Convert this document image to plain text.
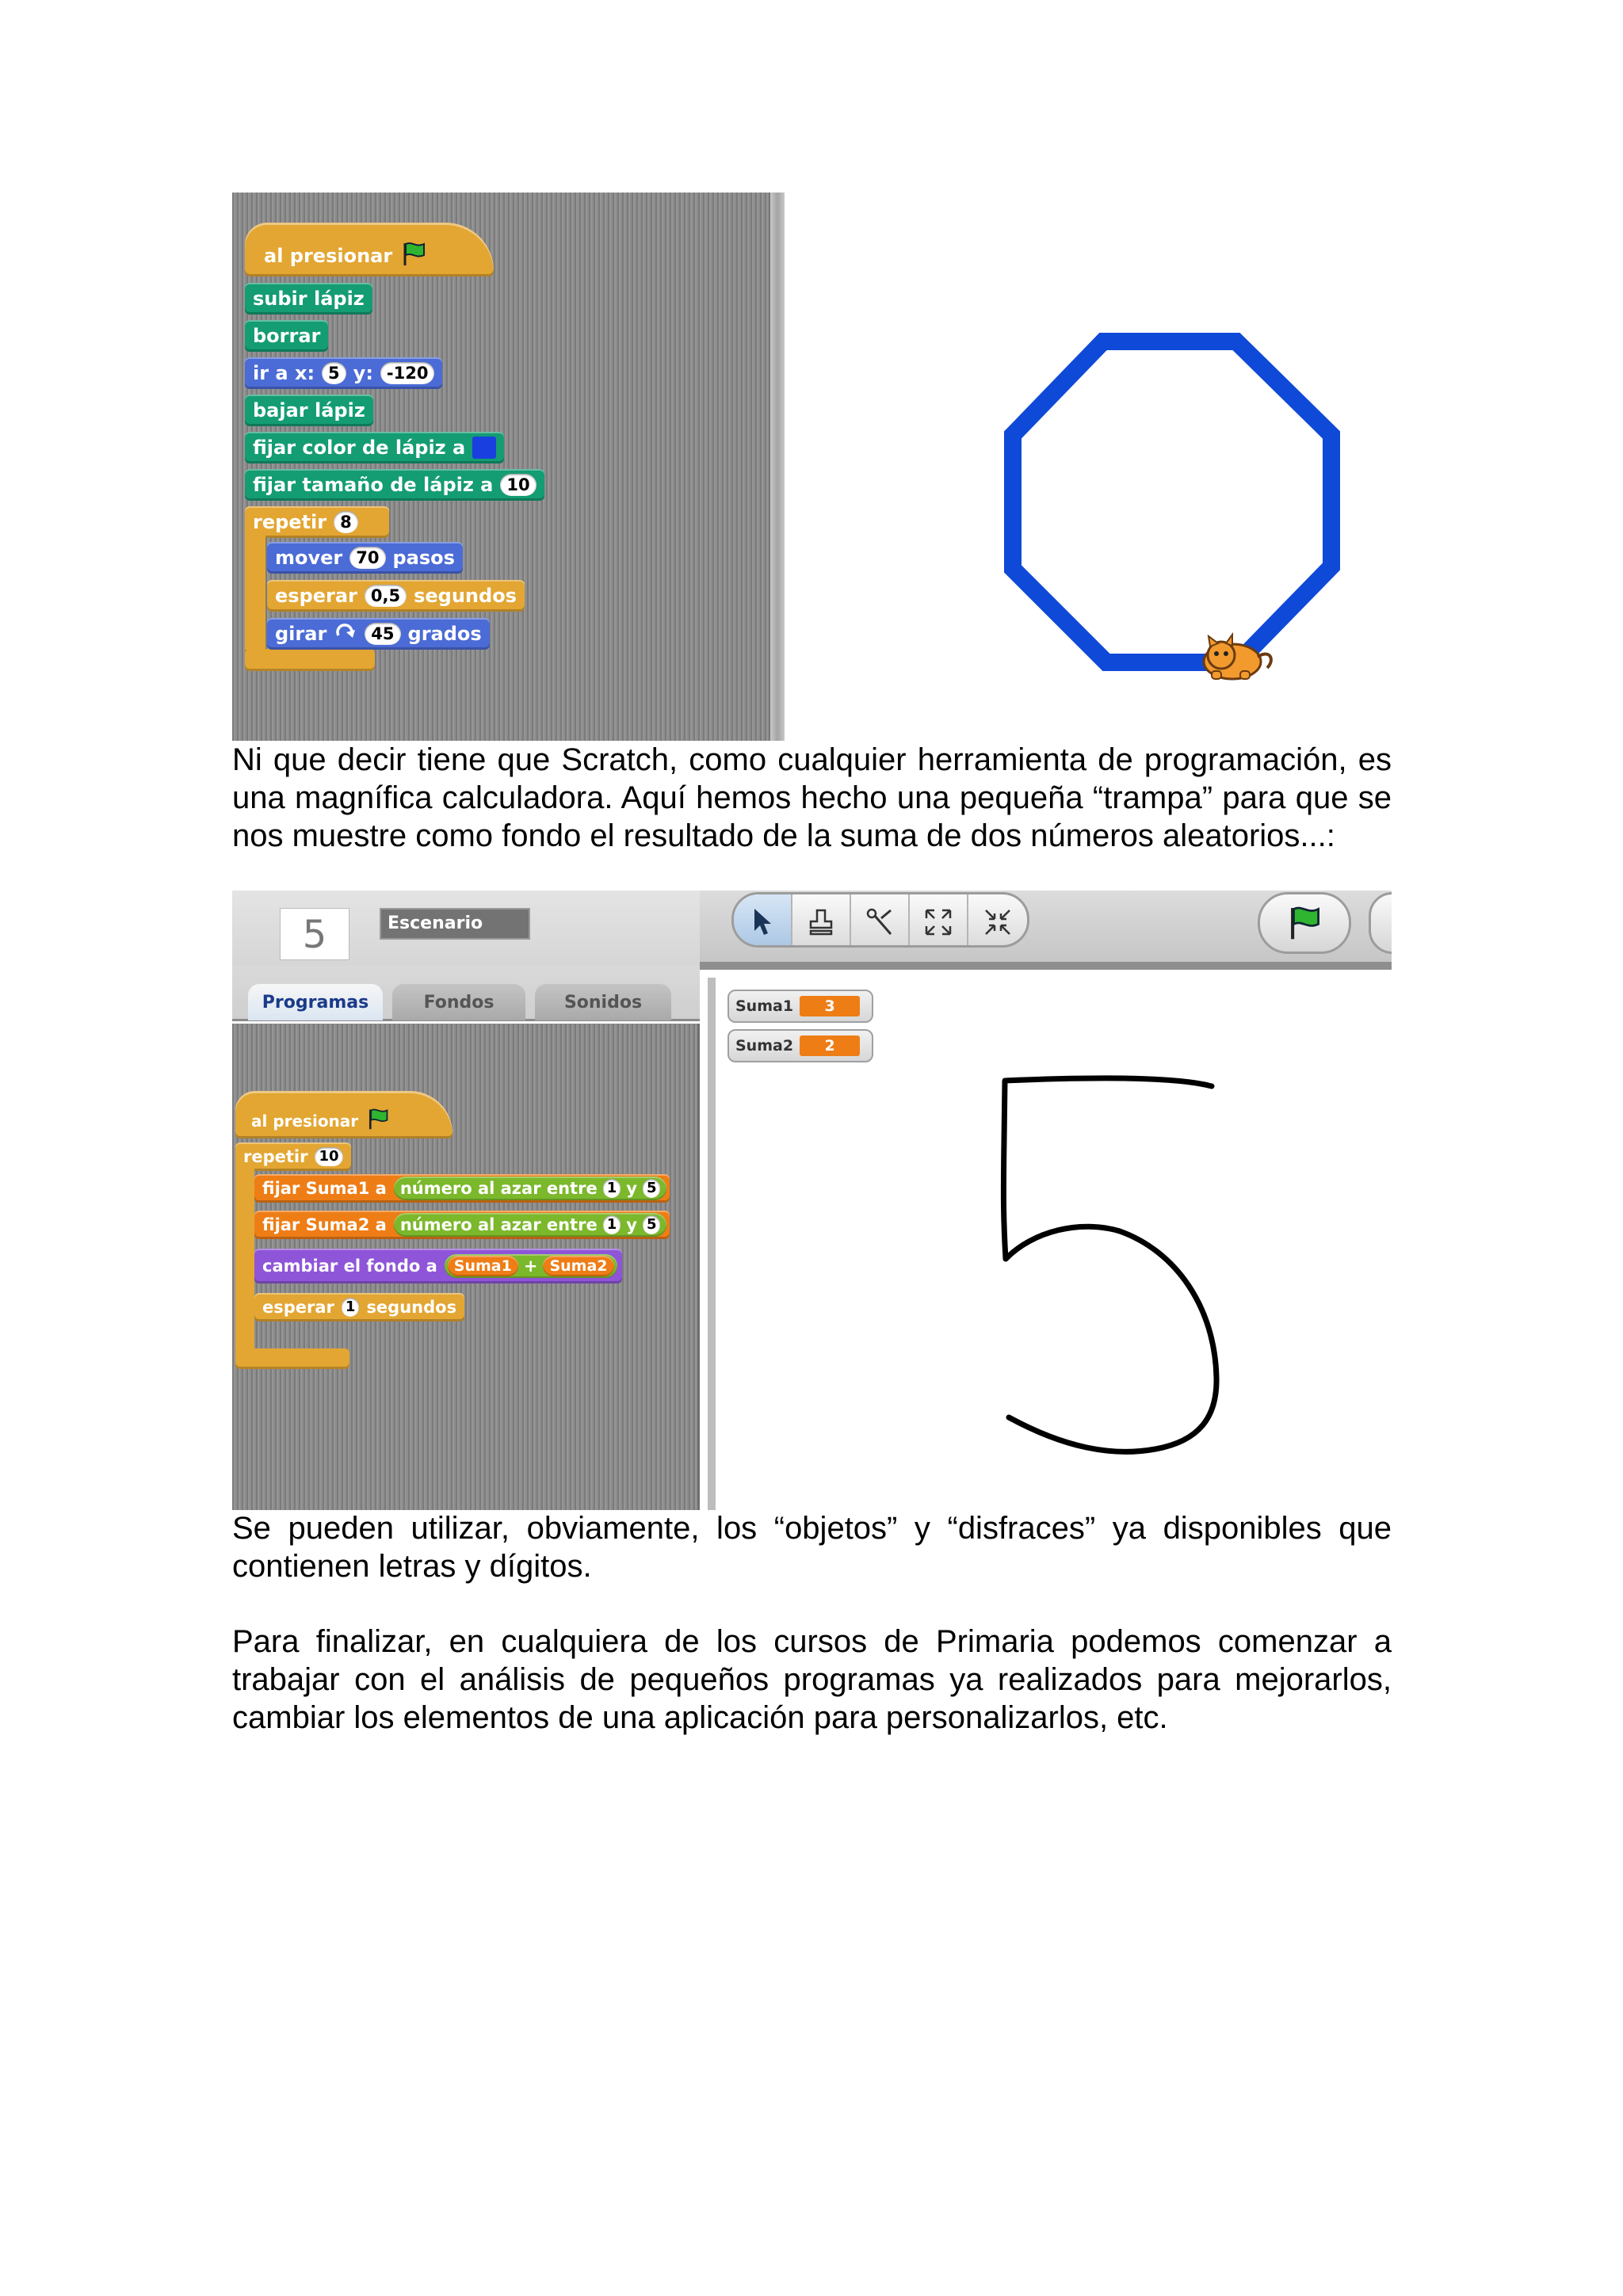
al presionar
subir lápiz
borrar
ir a x: 5 y: -120
bajar lápiz
fijar color de lápiz a
fijar tamaño de lápiz a 10
repetir 8
mover 70 pasos
esperar 0,5 segundos
girar	45 grados

Ni que decir tiene que Scratch, como cualquier herramienta de programación, es una magnífica calculadora. Aquí hemos hecho una pequeña “trampa” para que se nos muestre como fondo el resultado de la suma de dos números aleatorios...:

5	Escenario
Programas	Fondos	Sonidos
al presionar
repetir 10
fijar Suma1 a número al azar entre 1 y 5
fijar Suma2 a número al azar entre 1 y 5
cambiar el fondo a	Suma1 + Suma2
esperar 1 segundos
Suma1	3
Suma2	2

Se pueden utilizar, obviamente, los “objetos” y “disfraces” ya disponibles que contienen letras y dígitos.

Para finalizar, en cualquiera de los cursos de Primaria podemos comenzar a trabajar con el análisis de pequeños programas ya realizados para mejorarlos, cambiar los elementos de una aplicación para personalizarlos, etc.
